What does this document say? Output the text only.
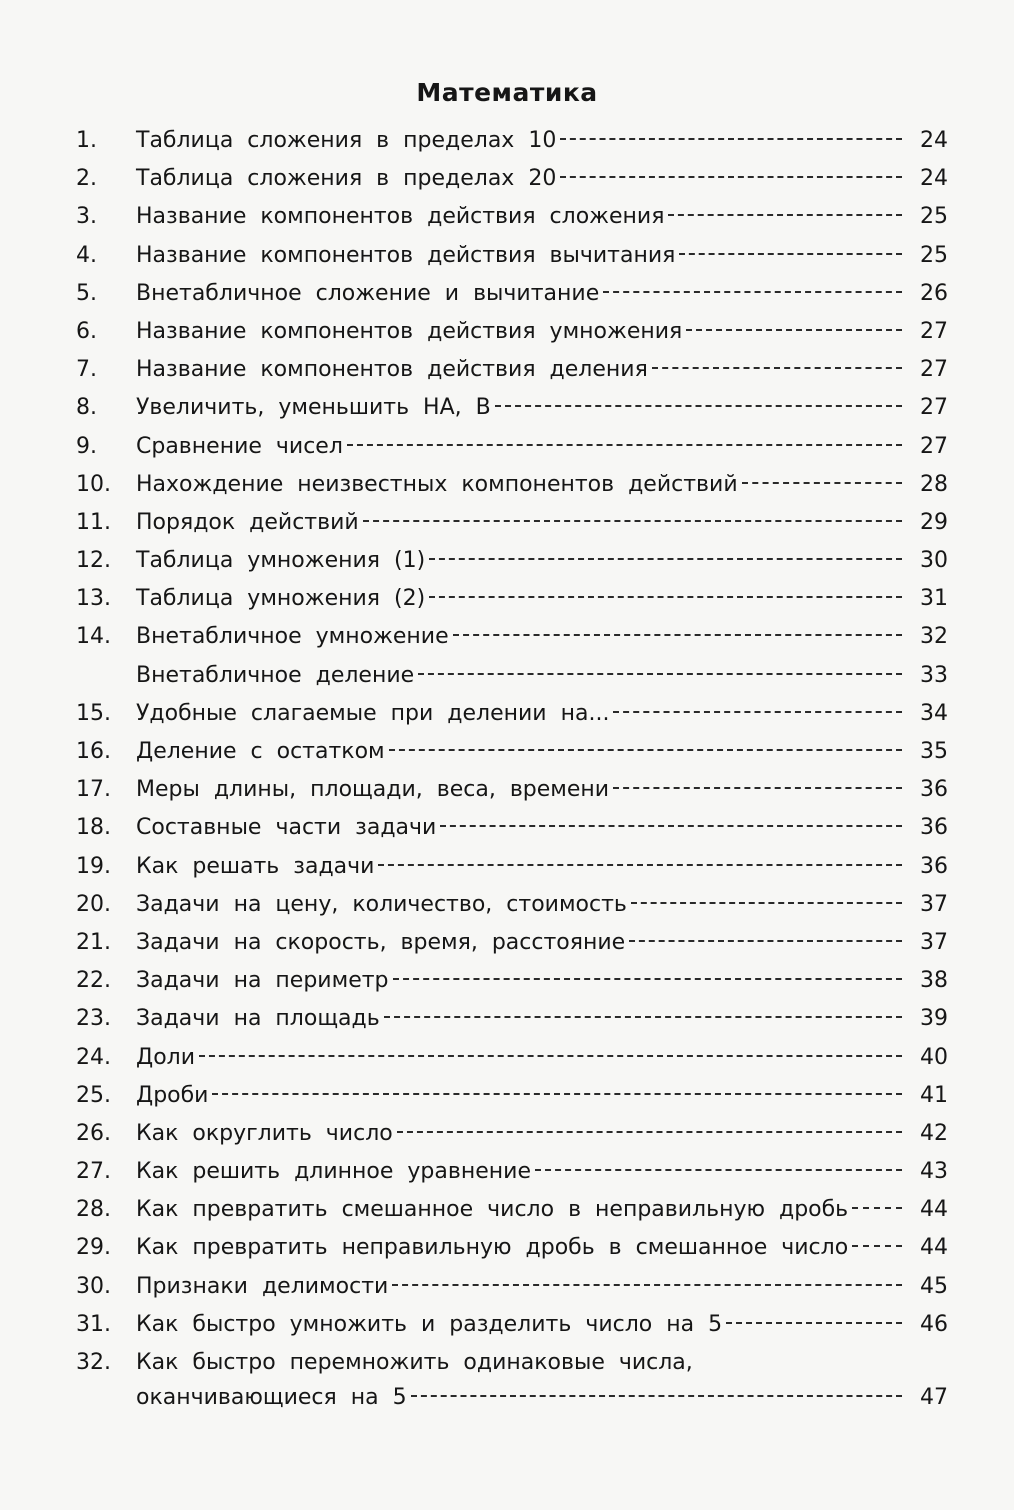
Математика
1.	Таблица сложения в пределах 10	24
2.	Таблица сложения в пределах 20	24
3.	Название компонентов действия сложения	25
4.	Название компонентов действия вычитания	25
5.	Внетабличное сложение и вычитание	26
6.	Название компонентов действия умножения	27
7.	Название компонентов действия деления	27
8.	Увеличить, уменьшить НА, В	27
9.	Сравнение чисел	27
10.	Нахождение неизвестных компонентов действий	28
11.	Порядок действий	29
12.	Таблица умножения (1)	30
13.	Таблица умножения (2)	31
14.	Внетабличное умножение	32
Внетабличное деление	33
15.	Удобные слагаемые при делении на...	34
16.	Деление с остатком	35
17.	Меры длины, площади, веса, времени	36
18.	Составные части задачи	36
19.	Как решать задачи	36
20.	Задачи на цену, количество, стоимость	37
21.	Задачи на скорость, время, расстояние	37
22.	Задачи на периметр	38
23.	Задачи на площадь	39
24.	Доли	40
25.	Дроби	41
26.	Как округлить число	42
27.	Как решить длинное уравнение	43
28.	Как превратить смешанное число в неправильную дробь	44
29.	Как превратить неправильную дробь в смешанное число	44
30.	Признаки делимости	45
31.	Как быстро умножить и разделить число на 5	46
32.	Как быстро перемножить одинаковые числа,
оканчивающиеся на 5	47
